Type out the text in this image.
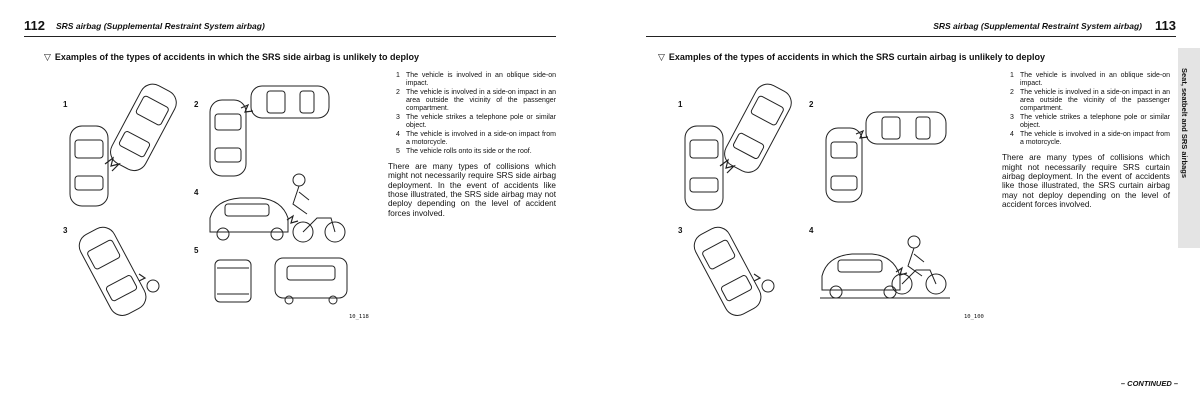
112 SRS airbag (Supplemental Restraint System airbag)
▽ Examples of the types of accidents in which the SRS side airbag is unlikely to deploy
1	2
3
4
5
10_118
1 The vehicle is involved in an oblique side-on impact.
2 The vehicle is involved in a side-on impact in an area outside the vicinity of the passenger compartment.
3 The vehicle strikes a telephone pole or similar object.
4 The vehicle is involved in a side-on impact from a motorcycle.
5 The vehicle rolls onto its side or the roof.
There are many types of collisions which might not necessarily require SRS side airbag deployment. In the event of accidents like those illustrated, the SRS side airbag may not deploy depending on the level of accident forces involved.
SRS airbag (Supplemental Restraint System airbag) 113
▽ Examples of the types of accidents in which the SRS curtain airbag is unlikely to deploy
1	2
3	4
10_100
1 The vehicle is involved in an oblique side-on impact.
2 The vehicle is involved in a side-on impact in an area outside the vicinity of the passenger compartment.
3 The vehicle strikes a telephone pole or similar object.
4 The vehicle is involved in a side-on impact from a motorcycle.
There are many types of collisions which might not necessarily require SRS curtain airbag deployment. In the event of accidents like those illustrated, the SRS curtain airbag may not deploy depending on the level of accident forces involved.
Seat, seatbelt and SRS airbags
– CONTINUED –
